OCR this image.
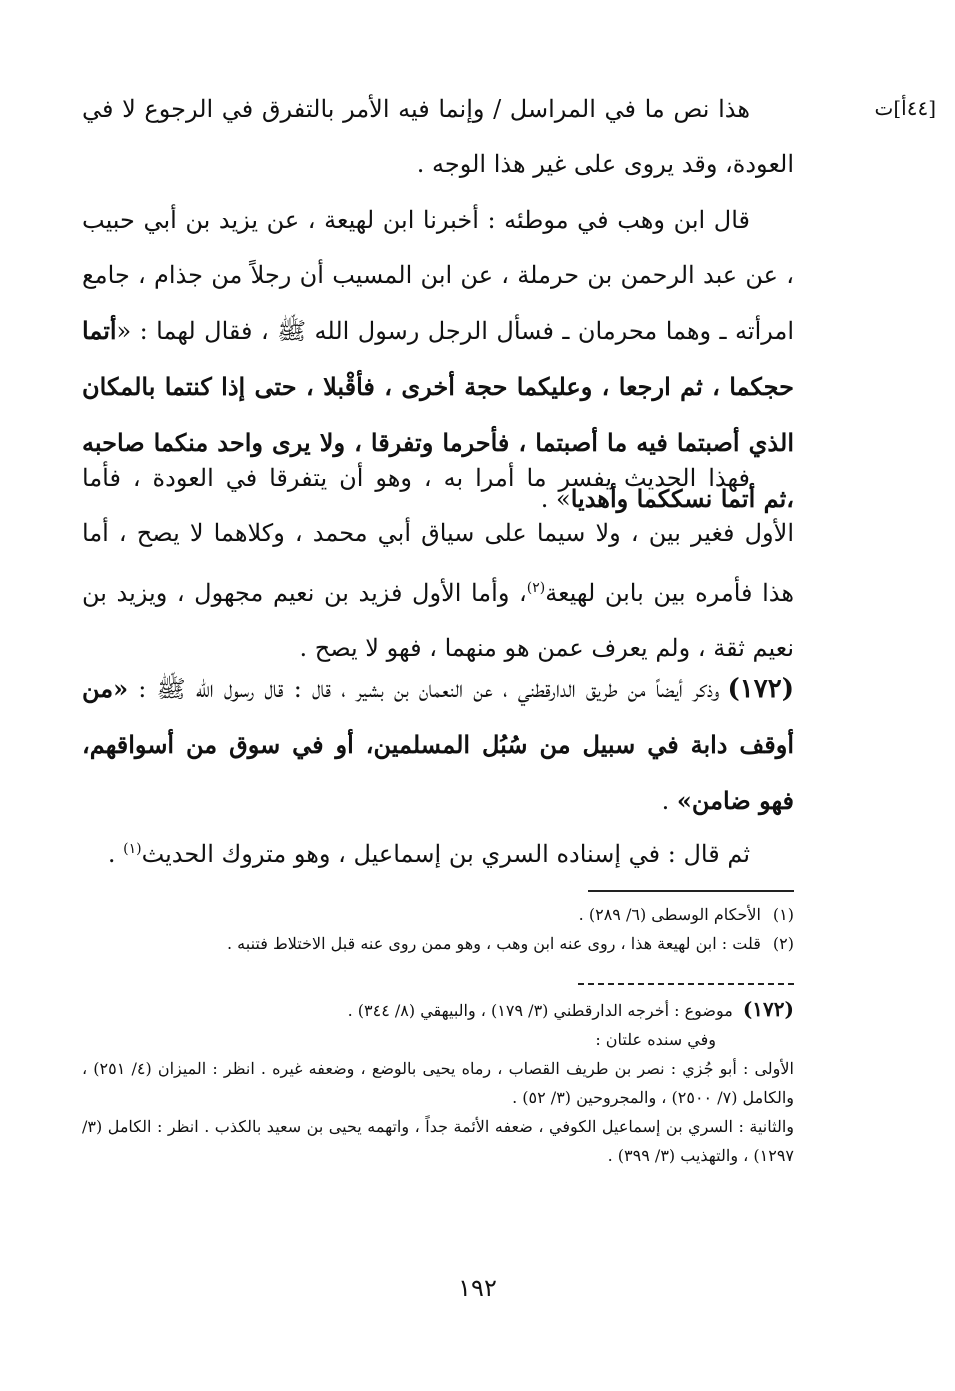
[٤٤أ]ت

هذا نص ما في المراسل / وإنما فيه الأمر بالتفرق في الرجوع لا في العودة، وقد يروى على غير هذا الوجه .

قال ابن وهب في موطئه : أخبرنا ابن لهيعة ، عن يزيد بن أبي حبيب ، عن عبد الرحمن بن حرملة ، عن ابن المسيب أن رجلاً من جذام ، جامع امرأته ـ وهما محرمان ـ فسأل الرجل رسول الله ﷺ ، فقال لهما : «أتما حجكما ، ثم ارجعا ، وعليكما حجة أخرى ، فأقْبلا ، حتى إذا كنتما بالمكان الذي أصبتما فيه ما أصبتما ، فأحرما وتفرقا ، ولا يرى واحد منكما صاحبه ،ثم أتما نسككما وأهديا» .

فهذا الحديث يفسر ما أمرا به ، وهو أن يتفرقا في العودة ، فأما الأول فغير بين ، ولا سيما على سياق أبي محمد ، وكلاهما لا يصح ، أما هذا فأمره بين بابن لهيعة$^{(٢)}$، وأما الأول فزيد بن نعيم مجهول ، ويزيد بن نعيم ثقة ، ولم يعرف عمن هو منهما ، فهو لا يصح .

(١٧٢)وذكر أيضاً من طريق الدارقطني ، عن النعمان بن بشير ، قال : قال رسول الله ﷺ : «من أوقف دابة في سبيل من سُبُل المسلمين، أو في سوق من أسواقهم، فهو ضامن» .

ثم قال : في إسناده السري بن إسماعيل ، وهو متروك الحديث$^{(١)}$ .

(١)الأحكام الوسطى (٦/ ٢٨٩) .

(٢)قلت : ابن لهيعة هذا ، روى عنه ابن وهب ، وهو ممن روى عنه قبل الاختلاط فتنبه .

(١٧٢)موضوع : أخرجه الدارقطني (٣/ ١٧٩) ، والبيهقي (٨/ ٣٤٤) .

وفي سنده علتان :

الأولى : أبو جُزي : نصر بن طريف القصاب ، رماه يحيى بالوضع ، وضعفه غيره . انظر : الميزان (٤/ ٢٥١) ، والكامل (٧/ ٢٥٠٠) ، والمجروحين (٣/ ٥٢) .

والثانية : السري بن إسماعيل الكوفي ، ضعفه الأئمة جداً ، واتهمه يحيى بن سعيد بالكذب . انظر : الكامل (٣/ ١٢٩٧) ، والتهذيب (٣/ ٣٩٩) .

١٩٢
